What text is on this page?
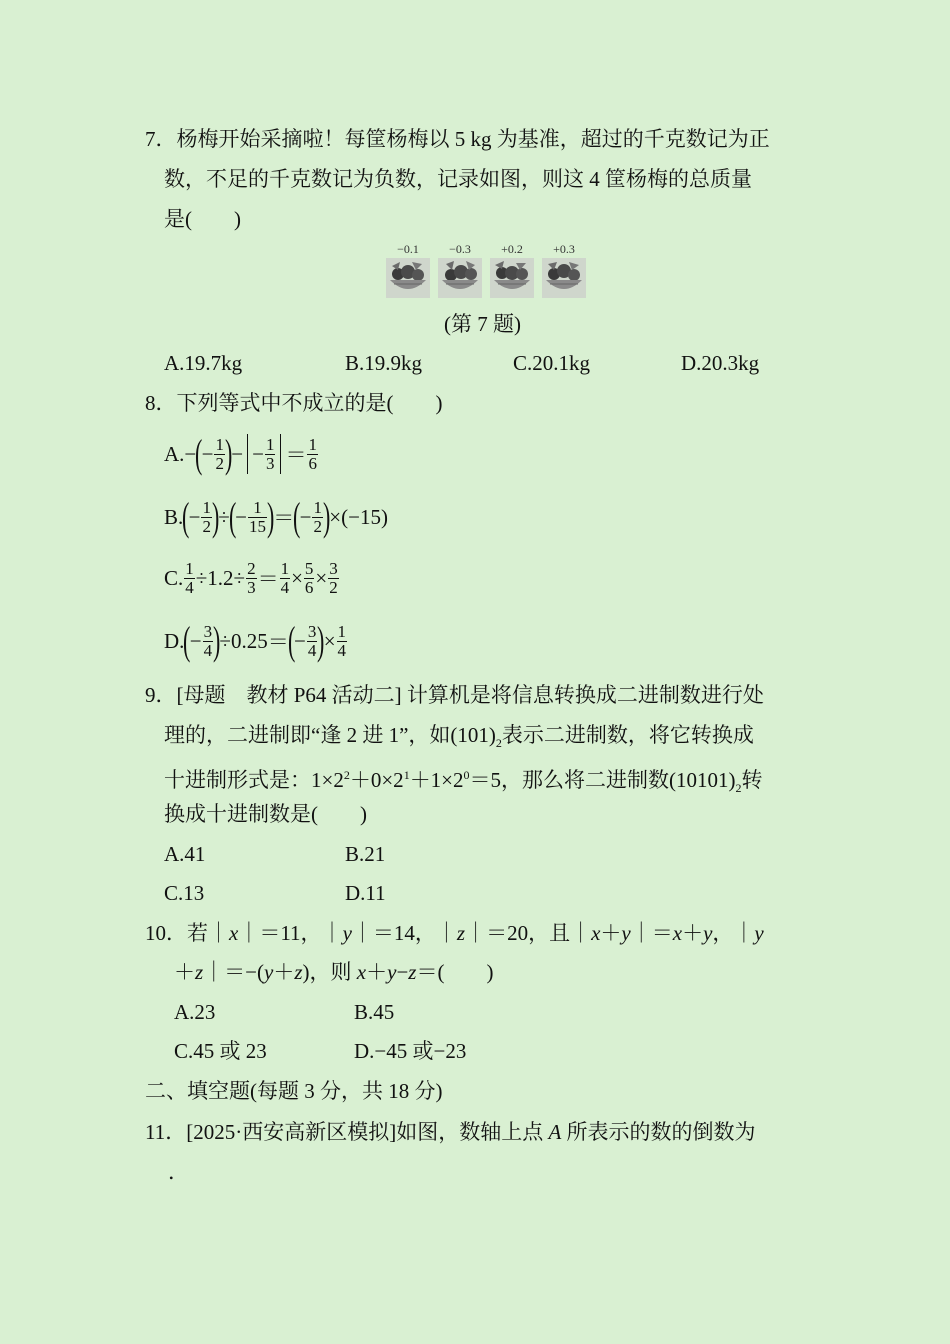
7．杨梅开始采摘啦！每筐杨梅以 5 kg 为基准，超过的千克数记为正
数，不足的千克数记为负数，记录如图，则这 4 筐杨梅的总质量
是(　　)
−0.1	−0.3	+0.2	+0.3
(第 7 题)
A.19.7kg	B.19.9kg	C.20.1kg	D.20.3kg
8．下列等式中不成立的是(　　)
A. −
(
− $\frac{1}{2}$ )
− − $\frac{1}{3} = \frac{1}{6}$
B.
(
− $\frac{1}{2}$ )
÷
(
− $\frac{1}{15}$ )
＝
(
− $\frac{1}{2}$ )
×(− 15 )
C. $\frac{1}{4} \div 1.2 \div \frac{2}{3} = \frac{1}{4} \times \frac{5}{6} \times \frac{3}{2}$
D.
(
− $\frac{3}{4}$ )
÷ 0.25 ＝
(
− $\frac{3}{4}$ )
× $\frac{1}{4}$
9．[母题　教材 P64 活动二] 计算机是将信息转换成二进制数进行处
理的，二进制即“逢 2 进 1”，如$(101)_2$表示二进制数，将它转换成
十进制形式是：$1\times 2^2+0\times 2^1+1\times 2^0=5$，那么将二进制数$(10101)_2$转
换成十进制数是(　　)
A.41	B.21
C.13	D.11
10．若｜x｜＝11，｜y｜＝14，｜z｜＝20，且｜x＋y｜＝x＋y，｜y
＋z｜＝−(y＋z)，则 x＋y−z＝(　　)
A.23	B.45
C.45 或 23	D.−45 或−23
二、填空题(每题 3 分，共 18 分)
11．[2025·西安高新区模拟]如图，数轴上点 A 所表示的数的倒数为
．
